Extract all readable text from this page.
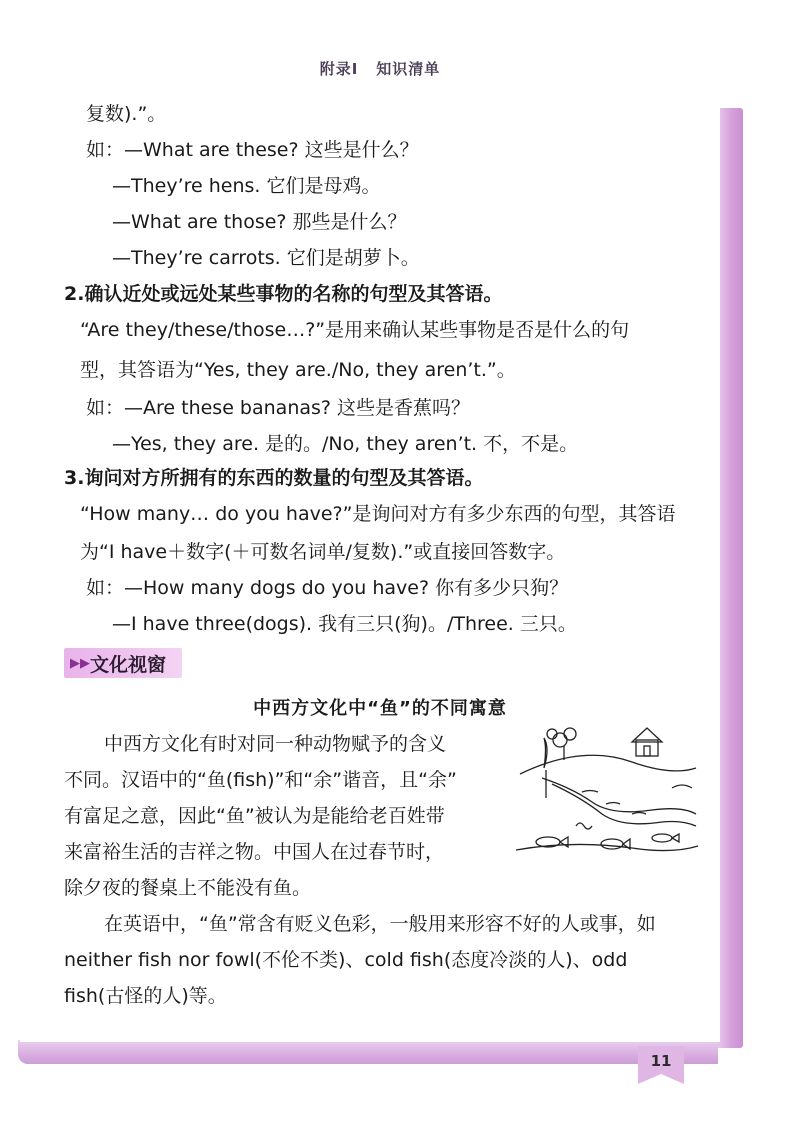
附录Ⅰ 知识清单
复数).”。
如：—What are these? 这些是什么？
—They’re hens. 它们是母鸡。
—What are those? 那些是什么？
—They’re carrots. 它们是胡萝卜。
2.确认近处或远处某些事物的名称的句型及其答语。
“Are they/these/those…?”是用来确认某些事物是否是什么的句
型，其答语为“Yes, they are./No, they aren’t.”。
如：—Are these bananas? 这些是香蕉吗？
—Yes, they are. 是的。/No, they aren’t. 不，不是。
3.询问对方所拥有的东西的数量的句型及其答语。
“How many… do you have?”是询问对方有多少东西的句型，其答语
为“I have＋数字(＋可数名词单/复数).”或直接回答数字。
如：—How many dogs do you have? 你有多少只狗？
—I have three(dogs). 我有三只(狗)。/Three. 三只。
▶▶ 文化视窗
中西方文化中“鱼”的不同寓意
中西方文化有时对同一种动物赋予的含义
不同。汉语中的“鱼(fish)”和“余”谐音，且“余”
有富足之意，因此“鱼”被认为是能给老百姓带
来富裕生活的吉祥之物。中国人在过春节时，
除夕夜的餐桌上不能没有鱼。
在英语中，“鱼”常含有贬义色彩，一般用来形容不好的人或事，如
neither fish nor fowl(不伦不类)、cold fish(态度冷淡的人)、odd
fish(古怪的人)等。
11
